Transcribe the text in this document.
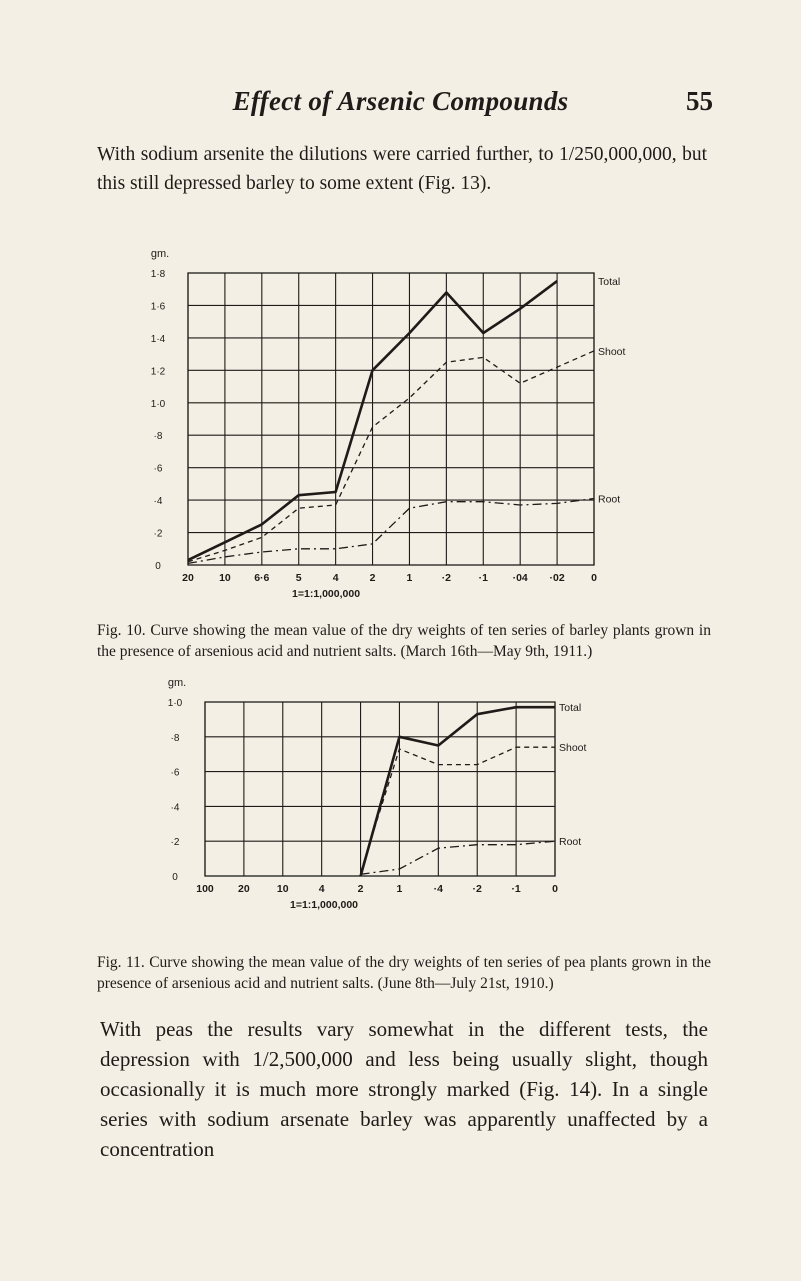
Effect of Arsenic Compounds	55
With sodium arsenite the dilutions were carried further, to 1/250,000,000, but this still depressed barley to some extent (Fig. 13).
0
·2
·4
·6
·8
1·0
1·2
1·4
1·6
1·8
gm.
20 10 6·6	5	4	2	1	·2	·1 ·04 ·02	0
1=1:1,000,000
Total
Shoot
Root
Fig. 10. Curve showing the mean value of the dry weights of ten series of barley plants grown in the presence of arsenious acid and nutrient salts. (March 16th—May 9th, 1911.)
0
·2
·4
·6
·8
1·0
gm.
100 20	10	4	2	1	·4	·2	·1	0
1=1:1,000,000
Total
Shoot
Root
Fig. 11. Curve showing the mean value of the dry weights of ten series of pea plants grown in the presence of arsenious acid and nutrient salts. (June 8th—July 21st, 1910.)
With peas the results vary somewhat in the different tests, the depression with 1/2,500,000 and less being usually slight, though occasionally it is much more strongly marked (Fig. 14). In a single series with sodium arsenate barley was apparently unaffected by a concentration
